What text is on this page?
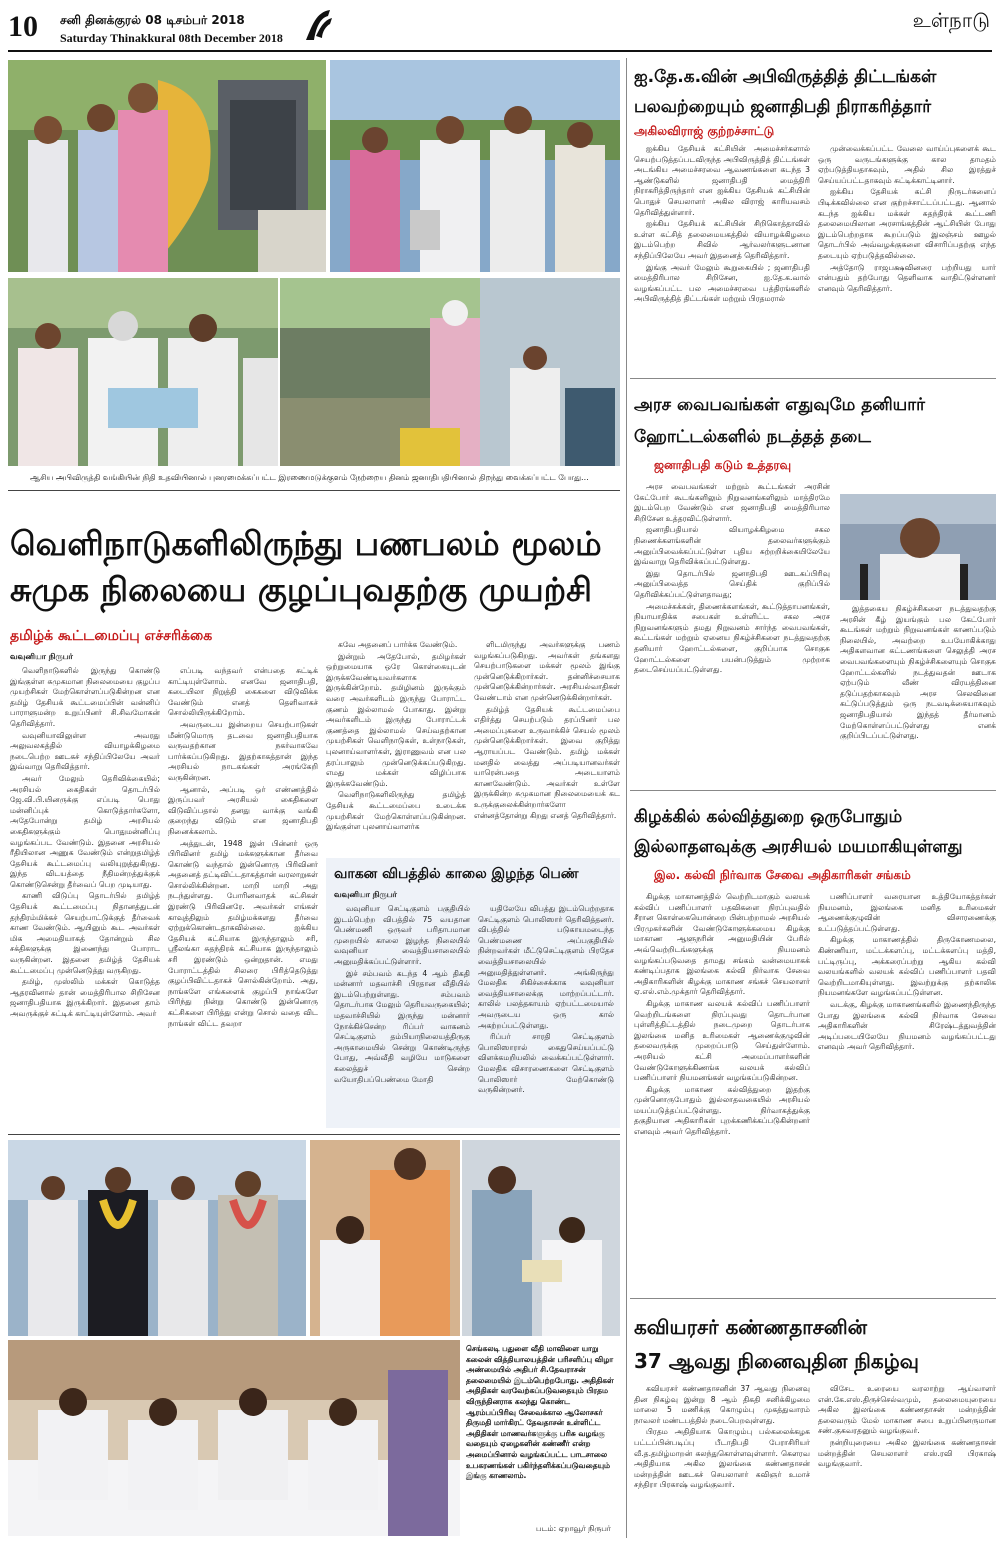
10 சனி தினக்குரல் 08 டிசம்பர் 2018
Saturday Thinakkural 08th December 2018
உள்நாடு
ஆசிய அபிவிருத்தி வங்கியின் நிதி உதவியினால் புனரமைக்கப்பட்ட இரணைமடுக்குளம் நேற்றைய தினம் ஜனாதிபதியினால் திறந்து வைக்கப்பட்ட போது...
வெளிநாடுகளிலிருந்து பணபலம் மூலம்
சுமுக நிலையை குழப்புவதற்கு முயற்சி
தமிழ்க் கூட்டமைப்பு எச்சரிக்கை
வவுனியா நிருபர்

வெளிநாடுகளில் இருந்து கொண்டு இங்குள்ள சுமுகமான நிலைமையை குழப்ப முயற்சிகள் மேற்கொள்ளப்படுகின்றன என தமிழ் தேசியக் கூட்டமைப்பின் வன்னிப் பாராளுமன்ற உறுப்பினர் சி.சிவமோகன் தெரிவித்தார்.

வவுனியாவிலுள்ள அவரது அலுவலகத்தில் வியாழக்கிழமை நடைபெற்ற ஊடகச் சந்திப்பிலேயே அவர் இவ்வாறு தெரிவித்தார்.

அவர் மேலும் தெரிவிக்கையில்; அரசியல் கைதிகள் தொடர்பில் ஜே.வி.பி.யினருக்கு எப்படி பொது மன்னிப்புக் கொடுத்தார்களோ, அதேபோன்று தமிழ் அரசியல் கைதிகளுக்கும் பொதுமன்னிப்பு வழங்கப்பட வேண்டும். இதனை அரசியல் ரீதியிலான அணுக வேண்டும் என்றுதமிழ்த் தேசியக் கூட்டமைப்பு வலியுறுத்துகிறது. இந்த விடயத்தை நீதிமன்றத்துக்குக் கொண்டுசென்று தீர்வைப் பெற முடியாது.

காணி விடுப்பு தொடர்பில் தமிழ்த் தேசியக் கூட்டமைப்பு நிதானத்துடன் தந்திரம்மிக்கச் செயற்பாட்டுக்குத் தீர்வைக் காண வேண்டும். ஆயினும் கூட அவர்கள் மிக அமைதியாகத் தோன்றும் சில சக்திகளுக்கு இணைந்து போராட வருகின்றன. இதனை தமிழ்த் தேசியக் கூட்டமைப்பு முன்னெடுத்து வருகிறது.

தமிழ், முஸ்லிம் மக்கள் கொடுத்த ஆதரவினால் தான் மைத்திரிபால சிறிசேன ஜனாதிபதியாக இருக்கிறார். இதனை தாம் அவருக்குச் சுட்டிக் காட்டியுள்ளோம். அவர்

எப்படி வந்தவர் என்பதை சுட்டிக் காட்டியுள்ளோம். எனவே ஜனாதிபதி, கடையிலா நிறுத்தி கைகளை விடுவிக்க வேண்டும் எனத் தெளிவாகச் சொல்லியிருக்கிறோம்.

அவருடைய இன்றைய செயற்பாடுகள் மீண்டுமொரு தடவை ஜனாதிபதியாக வருவதற்கான நகர்வாகவே பார்க்கப்படுகிறது. இதற்காகத்தான் இந்த அரசியல் நாடகங்கள் அரங்கேறி வருகின்றன.

ஆனால், அப்படி ஒர் எண்ணத்தில் இருப்பவர் அரசியல் கைதிகளை விடுவிப்பதால் தனது வாக்கு வங்கி குறைந்து விடும் என ஜனாதிபதி நினைக்கலாம்.

அத்துடன், 1948 இன் பின்னர் ஒரு பிரிவினர் தமிழ் மக்களுக்கான தீர்வை கொண்டு வந்தால் இன்னொரு பிரிவினர் அதனைத் தட்டிவிட்டதாகத்தான் வரலாறுகள் சொல்லிக்கின்றன. மாறி மாறி அது நடந்துள்ளது. போரினவாதக் கட்சிகள் இரண்டு பிரிவினரே. அவர்கள் எங்கள் காவுத்திலும் தமிழ்மக்களது தீர்வை ஏற்றுக்கொண்டதாகவில்லை. ஐக்கிய தேசியக் கட்சியாக இருந்தாலும் சரி, ஸ்ரீலங்கா சுதந்திரக் கட்சியாக இருந்தாலும் சரி இரண்டும் ஒன்றுதான். எமது போராட்டத்தில் சிலரை பிரித்தெடுத்து குழப்பிவிட்டதாகச் சொல்கின்றோம். அது, நாங்களே எங்களைக் குழப்பி நாங்களே பிரிந்து நின்று கொண்டு இன்னொரு கட்சிகளை பிரித்து என்று சொல் வதை விட நாங்கள் விட்ட தவறா

கவே அதனைப் பார்க்க வேண்டும்.

இன்றும் அதேபோல், தமிழர்கள் ஒற்றுமையாக ஒரே கொள்கையுடன் இருக்கவேண்டியவர்களாக இருக்கின்றோம். தமிழினம் இருக்கும் வரை அவர்களிடம் இருந்து போராட்ட குணம் இல்லாமல் போகாது. இன்று அவர்களிடம் இருந்து போராட்டக் குணத்தை இல்லாமல் செய்வதற்கான முயற்சிகள் வெளிநாடுகள், உள்நாடுகள், புலனாய்வாளர்கள், இராணுவம் என பல தரப்பாலும் முன்னெடுக்கப்படுகிறது. எமது மக்கள் விழிப்பாக இருக்கவேண்டும்.

வெளிநாடுகளிலிருந்து தமிழ்த் தேசியக் கூட்டமைப்பை உடைக்க முயற்சிகள் மேற்கொள்ளப்படுகின்றன. இங்குள்ள புலனாய்வாளர்க

ளிடமிருந்து அவர்களுக்கு பணம் வழங்கப்படுகிறது. அவர்கள் தங்களது செயற்பாடுகளை மக்கள் மூலம் இங்கு முன்னெடுக்கிறார்கள். தன்னிச்சையாக முன்னெடுக்கின்றார்கள். அரசியல்வாதிகள் வேண்டாம் என முன்னெடுக்கின்றார்கள்.

தமிழ்த் தேசியக் கூட்டமைப்பை எதிர்த்து செயற்படும் தரப்பினர் பல அமைப்புகளை உருவாக்கிச் செயல் மூலம் முன்னெடுக்கிறார்கள். இவை குறித்து ஆராயப்பட வேண்டும். தமிழ் மக்கள் மனதில் வைத்து அப்படியானவர்கள் யாரென்பதை அடையாளம் காணவேண்டும். அவர்கள் உள்ளே இருக்கின்ற சுமுகமான நிலைமையைக் கட உருக்குலைக்கின்றார்களோ என்னத்தோன்று கிறது எனத் தெரிவித்தார்.

வாகன விபத்தில் காலை இழந்த பெண்
வவுனியா நிருபர்

வவுனியா செட்டிகுளம் பகுதியில் இடம்பெற்ற விபத்தில் 75 வயதான பெண்மணி ஒருவர் பரிதாபமான முறையில் காலை இழந்த நிலையில் வவுனியா வைத்தியசாலையில் அனுமதிக்கப்பட்டுள்ளார்.

இச் சம்பவம் கடந்த 4 ஆம் திகதி மன்னார் மதவாச்சி பிரதான வீதியில் இடம்பெற்றுள்ளது. சம்பவம் தொடர்பாக மேலும் தெரியவருகையில்; மதவாச்சியில் இருந்து மன்னார் நோக்கிச்சென்ற ரிப்பர் வாகனம் செட்டிகுளம் தம்பியாநிலையத்திருகு அருகாமையில் சென்று கொண்டிருந்த போது, அவ்வீதி வழியே மாடுகளை கலைத்துச் சென்ற வயோதிபப்பெண்மை மோதி

யதிலேயே விபத்து இடம்பெற்றதாக செட்டிகுளம் பொலிஸார் தெரிவித்தனர். விபத்தில் படுகாயமடைந்த பெண்மணை அப்பகுதியில் நின்றவர்கள் மீட்டுசெட்டிகுளம் பிரதேச வைத்தியசாலையில் அனுமதித்துள்ளனர். அங்கிருந்து மேலதிக சிகிச்சைக்காக வவுனியா வைத்தியசாலைக்கு மாற்றப்பட்டார். காலில் பலத்தகாயம் ஏற்பட்டமையால் அவருடைய ஒரு கால் அகற்றப்பட்டுள்ளது.

ரிப்பர் சாரதி செட்டிகுளம் பொலிஸாரால் கைதுசெய்யப்பட்டு விளக்கமறியலில் வைக்கப்பட்டுள்ளார். மேலதிக விசாரணைகளை செட்டிகுளம் பொலிஸார் மேற்கொண்டு வருகின்றனர்.

செங்கலடி பதுளை வீதி மாவிளை யாறு கலைன் வித்தியாலயத்தின் பரிசளிப்பு விழா அண்மையில் அதிபர் சி.தேவராசன் தலைமையில் இடம்பெற்றபோது. அதிதிகள் அதிதிகள் வரவேற்கப்படுவதையும் பிரதம விருந்தினராக கலந்து கொண்ட ஆரம்பப்பிரிவு சேவைக்கால ஆலோசகர் திருமதி மார்கிரட் தேவதாசன் உள்ளிட்ட அதிதிகள் மாணவர்களுக்கு பரிசு வழங்கு வதையும் ஏழைகளின் கண்ணீர் என்ற அமைப்பினால் வழங்கப்பட்ட பாடசாலை உபகரணங்கள் பகிர்ந்தளிக்கப்படுவதையும் இங்கு காணலாம்.
படம்: ஏறாவூர் நிருபர்
ஐ.தே.க.வின் அபிவிருத்தித் திட்டங்கள்
பலவற்றையும் ஜனாதிபதி நிராகரித்தார்
அகிலவிராஜ் குற்றச்சாட்டு

ஐக்கிய தேசியக் கட்சியின் அமைச்சர்களால் செயற்படுத்தப்படவிருந்த அபிவிருத்தித் திட்டங்கள் அடங்கிய அமைச்சரவை ஆவணங்களை கடந்த 3 ஆண்டுகளில் ஜனாதிபதி மைத்திரி நிராகரித்திருந்தார் என ஐக்கிய தேசியக் கட்சியின் பொதுச் செயலாளர் அகில விராஜ் காரியவசம் தெரிவித்துள்ளார்.

ஐக்கிய தேசியக் கட்சியின் சிறிகொத்தாவில் உள்ள கட்சித் தலைமையகத்தில் வியாழக்கிழமை இடம்பெற்ற சிவில் ஆர்வலர்களுடனான சந்திப்பிலேயே அவர் இதனைத் தெரிவித்தார்.

இங்கு அவர் மேலும் கூறுகையில் ; ஜனாதிபதி மைத்திரிபால சிறிசேன, ஐ.தே.க.வால் வழங்கப்பட்ட பல அமைச்சரவை பத்திரங்களில் அபிவிருத்தித் திட்டங்கள் மற்றும் பிரதமரால்

முன்வைக்கப்பட்ட வேலை வாய்ப்புகளைக் கூட ஒரு வருடங்களுக்கு கால தாமதம் ஏற்படுத்தியதாகவும், அதில் சில இரத்துச் செய்யப்பட்டதாகவும் சுட்டிக்காட்டினார்.

ஐக்கிய தேசியக் கட்சி நிருடர்களைப் பிடிக்கவில்லை என குற்றச்சாட்டப்பட்டது. ஆனால் கடந்த ஐக்கிய மக்கள் சுதந்திரக் கூட்டணி தலைமையிலான அரசாங்கத்தின் ஆட்சியின் போது இடம்பெற்றதாக கூறப்படும் இலஞ்சம் ஊழல் தொடர்பில் அவ்வழக்குகளை விசாரிப்பதற்கு எந்த தடையும் ஏற்படுத்தவில்லை.

அத்தோடு ராஜபக்ஷவினரை பற்றியது யார் என்பதும் தற்போது தெளிவாக வாதிட்டுள்ளனர் எனவும் தெரிவித்தார்.

அரச வைபவங்கள் எதுவுமே தனியார்
ஹோட்டல்களில் நடத்தத் தடை
ஜனாதிபதி கடும் உத்தரவு

அரச வைபவங்கள் மற்றும் கூட்டங்கள் அரசின் கேட்போர் கூடங்களிலும் நிறுவனங்களிலும் மாத்திரமே இடம்பெற வேண்டும் என ஜனாதிபதி மைத்திரிபால சிறிசேன உத்தரவிட்டுள்ளார்.

ஜனாதிபதியால் வியாழக்கிழமை சகல நிணைக்களங்களின் தலைவர்களுக்கும் அனுப்பிவைக்கப்பட்டுள்ள புதிய சுற்றறிக்கையிலேயே இவ்வாறு தெரிவிக்கப்பட்டுள்ளது.

இது தொடர்பில் ஜனாதிபதி ஊடகப்பிரிவு அனுப்பிவைத்த செய்திக் குறிப்பில் தெரிவிக்கப்பட்டுள்ளதாவது;

அமைச்சுக்கள், திணைக்களங்கள், கூட்டுத்தாபனங்கள், நியாயாதிக்க சபைகள் உள்ளிட்ட சகல அரச நிறுவனங்களும் தமது நிறுவனம் சார்ந்த வைபவங்கள், கூட்டங்கள் மற்றும் ஏனைய நிகழ்ச்சிகளை நடத்துவதற்கு தனியார் ஹோட்டல்களை, குறிப்பாக சொகுசு ஹோட்டல்களை பயன்படுத்தும் முற்றாக தடைசெய்யப்பட்டுள்ளது.

இத்தகைய நிகழ்ச்சிகளை நடத்துவதற்கு அரசின் கீழ் இயங்கும் பல கேட்போர் கூடங்கள் மற்றும் நிறுவனங்கள் காணப்படும் நிலையில், அவற்றை உபயோகிக்காது அதிகளவான கட்டணங்களை செலுத்தி அரச வைபவங்களையும் நிகழ்ச்சிகளையும் சொகுசு ஹோட்டல்களில் நடத்துவதன் ஊடாக ஏற்படும் வீண் விரயத்தினை தடுப்பதற்காகவும் அரச செலவினை கட்டுப்படுத்தும் ஒரு நடவடிக்கையாகவும் ஜனாதிபதியால் இந்தத் தீர்மானம் மேற்கொள்ளப்பட்டுள்ளது எனக் குறிப்பிடப்பட்டுள்ளது.

கிழக்கில் கல்வித்துறை ஒருபோதும்
இல்லாதளவுக்கு அரசியல் மயமாகியுள்ளது
இல. கல்வி நிர்வாக சேவை அதிகாரிகள் சங்கம்

கிழக்கு மாகாணத்தில் வெற்றிடமாகும் வலயக் கல்விப் பணிப்பாளர் பதவிகளை நிரப்புவதில் சீரான கொள்கையொன்றை பின்பற்றாமல் அரசியல் பிரமுகர்களின் வேண்டுகோளுக்கமைய கிழக்கு மாகாண ஆளுநரின் அனுமதியின் பேரில் அவ்வெற்றிடங்களுக்கு நியமனம் வழங்கப்படுவதை தாமது சங்கம் வன்மையாகக் கண்டிப்பதாக இலங்கை கல்வி நிர்வாக சேவை அதிகாரிகளின் கிழக்கு மாகாண சங்கச் செயலாளர் ஏ.எல்.எம்.முக்தார் தெரிவித்தார்.

கிழக்கு மாகாண வலயக் கல்விப் பணிப்பாளர் வெற்றிடங்களை நிரப்புவது தொடர்பான புள்ளித்திட்டத்தில் நடைமுறை தொடர்பாக இலங்கை மனித உரிமைகள் ஆணைக்குழுவின் தலைவருக்கு முறைப்பாடு செய்துள்ளோம். அரசியல் கட்சி அமைப்பாளர்களின் வேண்டுகோளுக்கிணங்க வலயக் கல்விப் பணிப்பாளர் நியமனங்கள் வழங்கப்படுகின்றன.

கிழக்கு மாகாண கல்வித்துறை இதற்கு முன்னொருபோதும் இல்லாதவகையில் அரசியல் மயப்படுத்தப்பட்டுள்ளது. நிர்வாகத்துக்கு தகுதியான அதிகாரிகள் புறக்கணிக்கப்படுகின்றனர் எனவும் அவர் தெரிவித்தார்.

பணிப்பாளர் வரையான உத்தியோகத்தர்கள் நியமனம், இலங்கை மனித உரிமைகள் ஆணைக்குழுவின் விசாரணைக்கு உட்படுத்தப்பட்டுள்ளது.

கிழக்கு மாகாணத்தில் திருகோணமலை, கிண்ணியா, மட்டக்களப்பு, மட்டக்களப்பு மத்தி, பட்டிருப்பு, அக்கரைப்பற்று ஆகிய கல்வி வலயங்களில் வலயக் கல்விப் பணிப்பாளர் பதவி வெற்றிடமாகியுள்ளது. இவற்றுக்கு தற்காலிக நியமனங்களே வழங்கப்பட்டுள்ளன.

வடக்கு, கிழக்கு மாகாணங்களில் இணைந்திருந்த போது இலங்கை கல்வி நிர்வாக சேவை அதிகாரிகளின் சிரேஷ்டத்துவத்தின் அடிப்படையிலேயே நியமனம் வழங்கப்பட்டது எனவும் அவர் தெரிவித்தார்.

கவியரசர் கண்ணதாசனின்
37 ஆவது நினைவுதின நிகழ்வு

கவியரசர் கண்ணதாசனின் 37 ஆவது நினைவு தின நிகழ்வு இன்று 8 ஆம் திகதி சனிக்கிழமை மாலை 5 மணிக்கு கொழும்பு முகத்துவாரம் நாவலர் மண்டபத்தில் நடைபெறவுள்ளது.

பிரதம அதிதியாக கொழும்பு பல்கலைக்கழக பட்டப்பின்படிப்பு பீடாதிபதி பேராசிரியர் வீ.த.தமிழ்மாறன் கலந்துகொள்ளவுள்ளார். கௌரவ அதிதியாக அகில இலங்கை கண்ணதாசன் மன்றத்தின் ஊடகச் செயலாளர் கவிஞர் உமாச் சந்திரா பிரகாஷ் வழங்குவார்.

விசேட உரையை வரலாற்று ஆய்வாளர் என்.கே.எஸ்.திருச்செல்வமும், தலைமையுரையை அகில இலங்கை கண்ணதாசன் மன்றத்தின் தலைவரும் மேல் மாகாண சபை உறுப்பினருமான சண்.குகவரதனும் வழங்குவர்.

நன்றியுரையை அகில இலங்கை கண்ணதாசன் மன்றத்தின் செயலாளர் எஸ்.ரவி பிரகாஷ் வழங்குவார்.
